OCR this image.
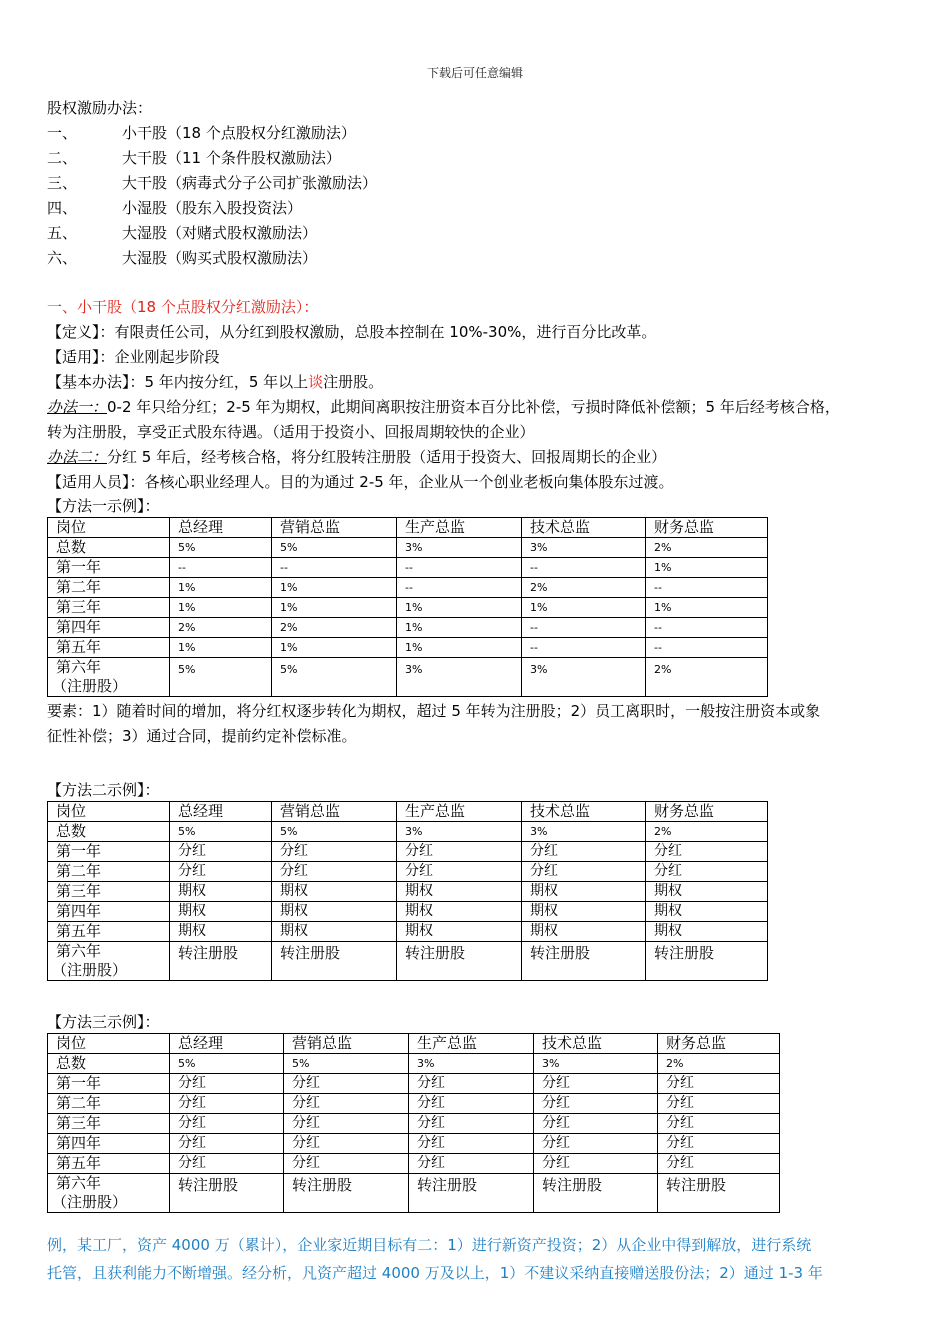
下载后可任意编辑
股权激励办法：
一、	小干股（18 个点股权分红激励法）
二、	大干股（11 个条件股权激励法）
三、	大干股（病毒式分子公司扩张激励法）
四、	小湿股（股东入股投资法）
五、	大湿股（对赌式股权激励法）
六、	大湿股（购买式股权激励法）
一、小干股（18 个点股权分红激励法）：
【定义】：有限责任公司，从分红到股权激励，总股本控制在 10%-30%，进行百分比改革。
【适用】：企业刚起步阶段
【基本办法】：5 年内按分红，5 年以上谈注册股。
办法一：0-2 年只给分红；2-5 年为期权，此期间离职按注册资本百分比补偿，亏损时降低补偿额；5 年后经考核合格，
转为注册股，享受正式股东待遇。（适用于投资小、回报周期较快的企业）
办法二：分红 5 年后，经考核合格，将分红股转注册股（适用于投资大、回报周期长的企业）
【适用人员】：各核心职业经理人。目的为通过 2-5 年，企业从一个创业老板向集体股东过渡。
【方法一示例】：
岗位	总经理	营销总监	生产总监	技术总监	财务总监
总数	5%	5%	3%	3%	2%
第一年	--	--	--	--	1%
第二年	1%	1%	--	2%	--
第三年	1%	1%	1%	1%	1%
第四年	2%	2%	1%	--	--
第五年	1%	1%	1%	--	--

第六年
（注册股）	5%	5%	3%	3%	2%
要素：1）随着时间的增加，将分红权逐步转化为期权，超过 5 年转为注册股；2）员工离职时，一般按注册资本或象
征性补偿；3）通过合同，提前约定补偿标准。
【方法二示例】：
岗位	总经理	营销总监	生产总监	技术总监	财务总监
总数	5%	5%	3%	3%	2%
第一年	分红	分红	分红	分红	分红
第二年	分红	分红	分红	分红	分红
第三年	期权	期权	期权	期权	期权
第四年	期权	期权	期权	期权	期权
第五年	期权	期权	期权	期权	期权

第六年
（注册股）	转注册股	转注册股	转注册股	转注册股	转注册股
【方法三示例】：
岗位	总经理	营销总监	生产总监	技术总监	财务总监
总数	5%	5%	3%	3%	2%
第一年	分红	分红	分红	分红	分红
第二年	分红	分红	分红	分红	分红
第三年	分红	分红	分红	分红	分红
第四年	分红	分红	分红	分红	分红
第五年	分红	分红	分红	分红	分红

第六年
（注册股）	转注册股	转注册股	转注册股	转注册股	转注册股
例，某工厂，资产 4000 万（累计），企业家近期目标有二：1）进行新资产投资；2）从企业中得到解放，进行系统
托管，且获利能力不断增强。经分析，凡资产超过 4000 万及以上，1）不建议采纳直接赠送股份法；2）通过 1-3 年
